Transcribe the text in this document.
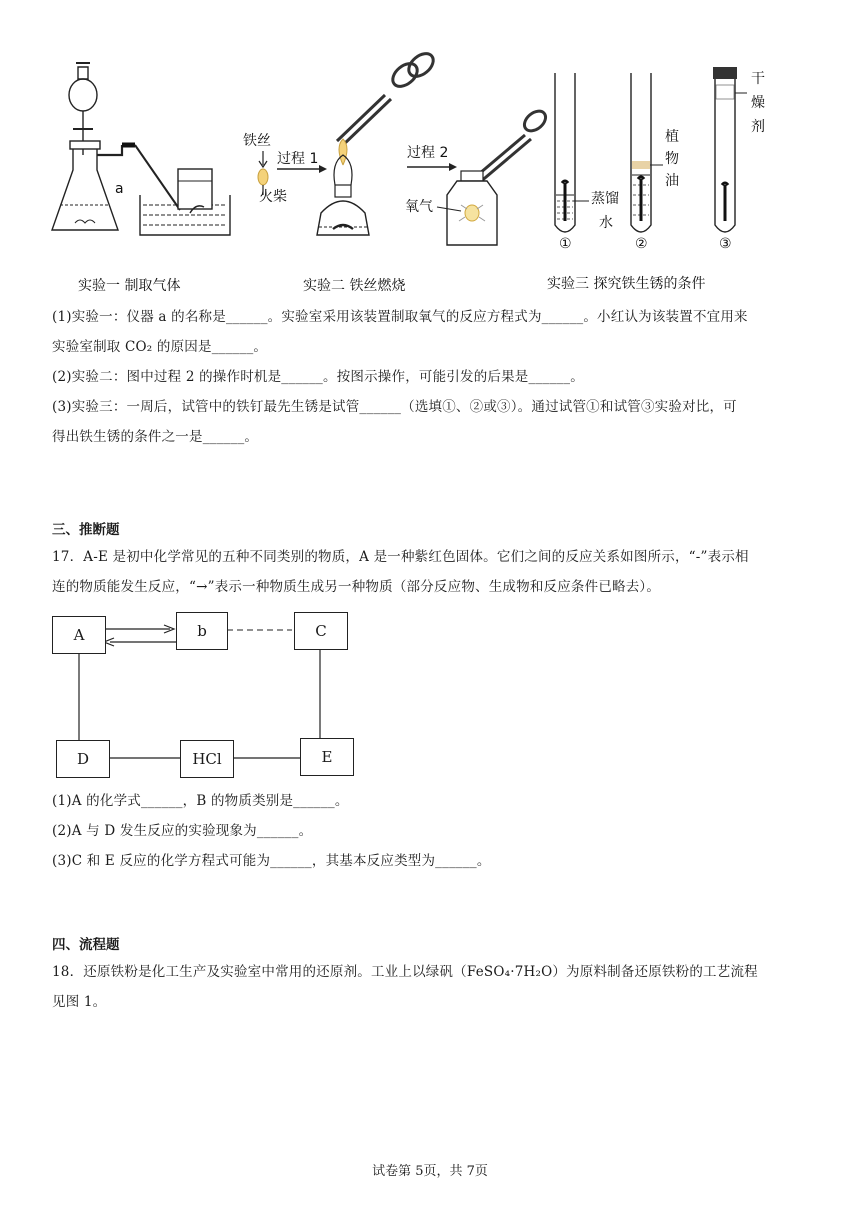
a
实验一 制取气体
铁丝
火柴
过程 1	过程 2
氧气
实验二 铁丝燃烧
蒸馏
水
①
植
物
油
②
干
燥
剂
③
实验三 探究铁生锈的条件

(1)实验一：仪器 a 的名称是______。实验室采用该装置制取氧气的反应方程式为______。小红认为该装置不宜用来

实验室制取 CO₂ 的原因是______。

(2)实验二：图中过程 2 的操作时机是______。按图示操作，可能引发的后果是______。

(3)实验三：一周后，试管中的铁钉最先生锈是试管______（选填①、②或③）。通过试管①和试管③实验对比，可

得出铁生锈的条件之一是______。

三、推断题

17．A-E 是初中化学常见的五种不同类别的物质，A 是一种紫红色固体。它们之间的反应关系如图所示，“-”表示相

连的物质能发生反应，“→”表示一种物质生成另一种物质（部分反应物、生成物和反应条件已略去）。

A	b	C
D	HCl	E

(1)A 的化学式______，B 的物质类别是______。

(2)A 与 D 发生反应的实验现象为______。

(3)C 和 E 反应的化学方程式可能为______，其基本反应类型为______。

四、流程题

18．还原铁粉是化工生产及实验室中常用的还原剂。工业上以绿矾（FeSO₄·7H₂O）为原料制备还原铁粉的工艺流程

见图 1。

试卷第 5页，共 7页
